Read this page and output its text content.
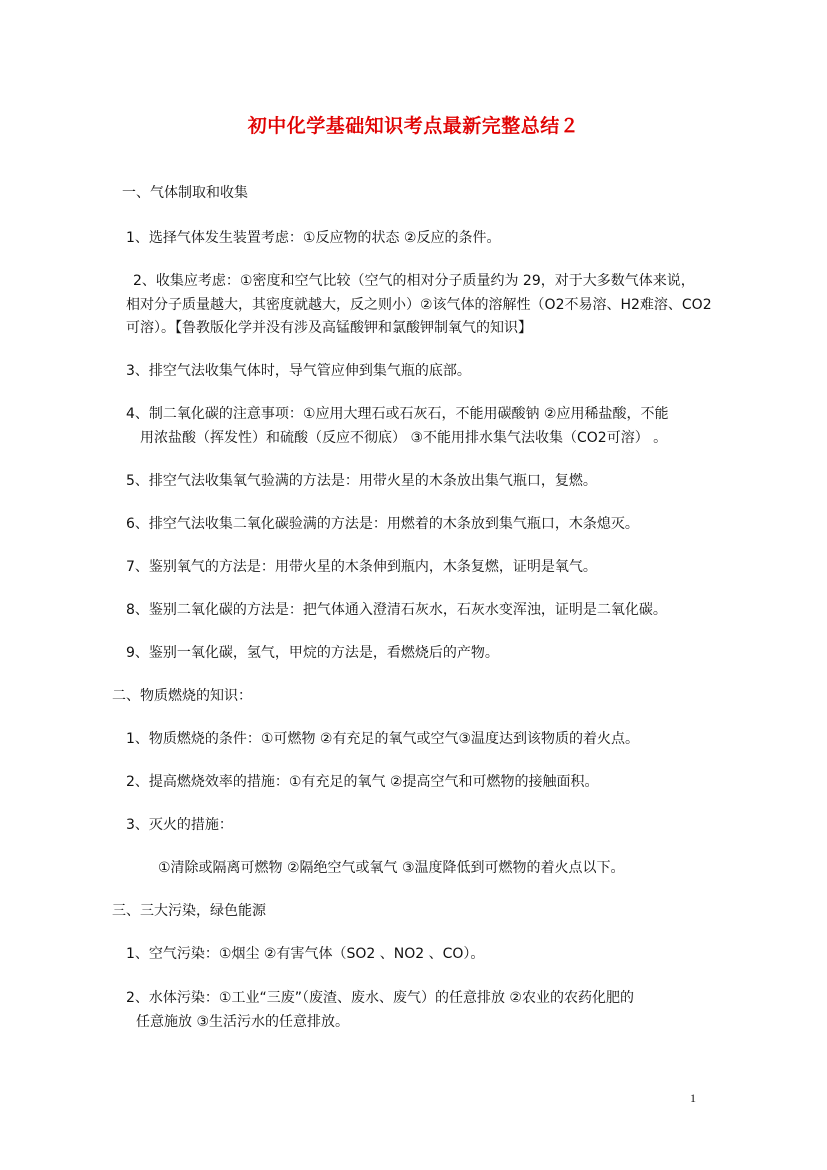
初中化学基础知识考点最新完整总结２
一、气体制取和收集
1、选择气体发生装置考虑：①反应物的状态 ②反应的条件。
2、收集应考虑：①密度和空气比较（空气的相对分子质量约为 29，对于大多数气体来说，
相对分子质量越大，其密度就越大，反之则小）②该气体的溶解性（O2不易溶、H2难溶、CO2
可溶）。【鲁教版化学并没有涉及高锰酸钾和氯酸钾制氧气的知识】
3、排空气法收集气体时，导气管应伸到集气瓶的底部。
4、制二氧化碳的注意事项：①应用大理石或石灰石，不能用碳酸钠 ②应用稀盐酸，不能
用浓盐酸（挥发性）和硫酸（反应不彻底） ③不能用排水集气法收集（CO2可溶） 。
5、排空气法收集氧气验满的方法是：用带火星的木条放出集气瓶口，复燃。
6、排空气法收集二氧化碳验满的方法是：用燃着的木条放到集气瓶口，木条熄灭。
7、鉴别氧气的方法是：用带火星的木条伸到瓶内，木条复燃，证明是氧气。
8、鉴别二氧化碳的方法是：把气体通入澄清石灰水，石灰水变浑浊，证明是二氧化碳。
9、鉴别一氧化碳，氢气，甲烷的方法是，看燃烧后的产物。
二、物质燃烧的知识：
1、物质燃烧的条件：①可燃物 ②有充足的氧气或空气③温度达到该物质的着火点。
2、提高燃烧效率的措施：①有充足的氧气 ②提高空气和可燃物的接触面积。
3、灭火的措施：
①清除或隔离可燃物 ②隔绝空气或氧气 ③温度降低到可燃物的着火点以下。
三、三大污染，绿色能源
1、空气污染：①烟尘 ②有害气体（SO2 、NO2 、CO）。
2、水体污染：①工业“三废”（废渣、废水、废气）的任意排放 ②农业的农药化肥的
任意施放 ③生活污水的任意排放。
1
